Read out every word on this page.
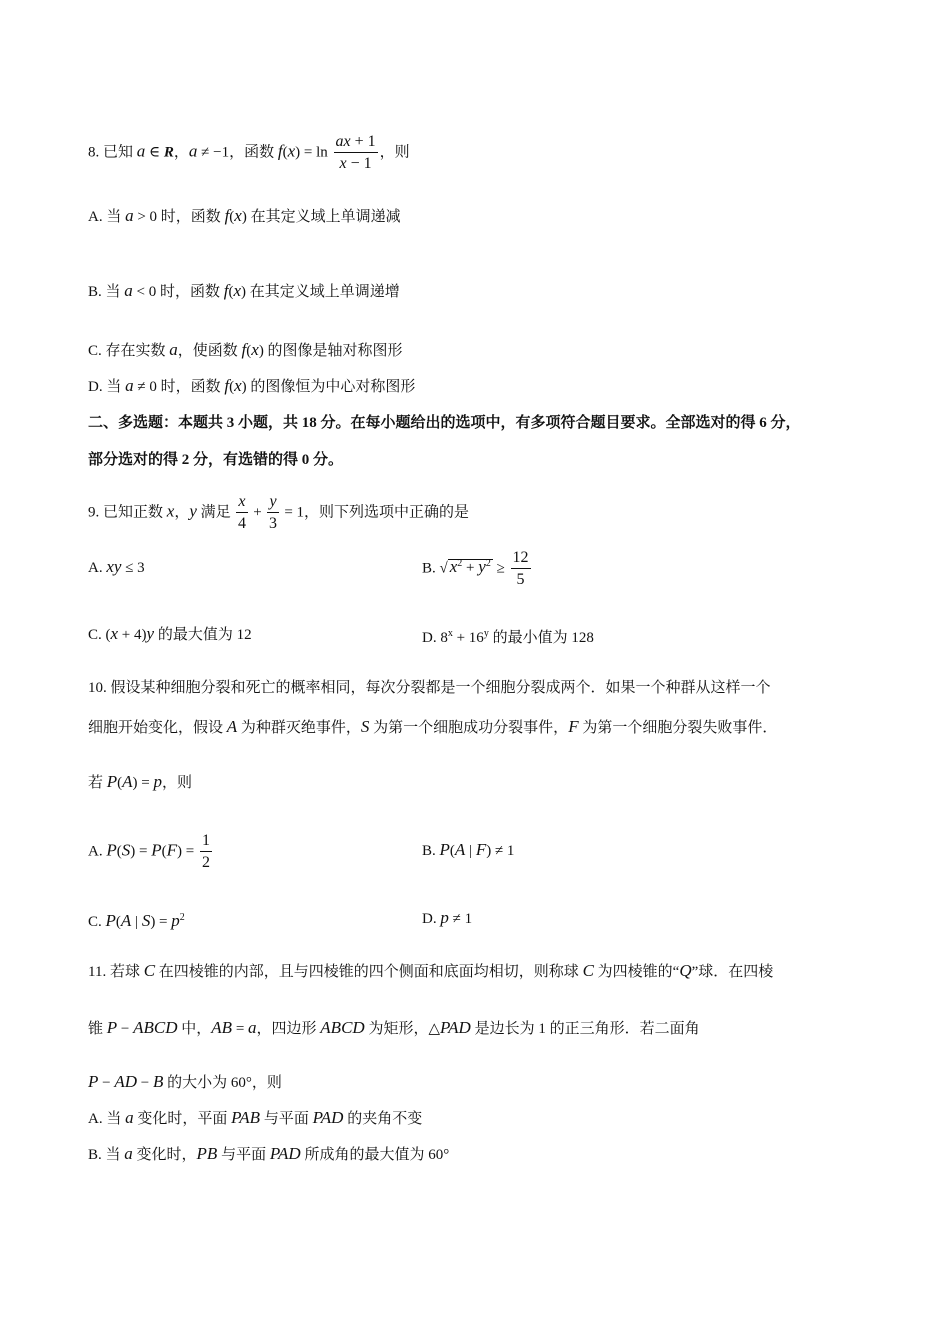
8. 已知 a ∈ R，a ≠ −1，函数 $f(x) = \ln \frac{ax + 1}{x - 1}$ ，则
A. 当 a > 0 时，函数 f(x) 在其定义域上单调递减
B. 当 a < 0 时，函数 f(x) 在其定义域上单调递增
C. 存在实数 a，使函数 f(x) 的图像是轴对称图形
D. 当 a ≠ 0 时，函数 f(x) 的图像恒为中心对称图形
二、多选题：本题共 3 小题，共 18 分。在每小题给出的选项中，有多项符合题目要求。全部选对的得 6 分，
部分选对的得 2 分，有选错的得 0 分。
9. 已知正数 x，y 满足 $\frac{x}{4} + \frac{y}{3} = 1$，则下列选项中正确的是
A. xy ≤ 3	B. √ $x^2 + y^2 \ge \frac{12}{5}$
C. (x + 4)y 的最大值为 12	D. $8^x + 16^y$ 的最小值为 128
10. 假设某种细胞分裂和死亡的概率相同，每次分裂都是一个细胞分裂成两个．如果一个种群从这样一个
细胞开始变化，假设 A 为种群灭绝事件，S 为第一个细胞成功分裂事件，F 为第一个细胞分裂失败事件．
若 P(A) = p，则
A. $P(S) = P(F) = \frac{1}{2}$	B. P(A | F) ≠ 1
C. P(A | $S) = p^2$	D. p ≠ 1
11. 若球 C 在四棱锥的内部，且与四棱锥的四个侧面和底面均相切，则称球 C 为四棱锥的“Q”球．在四棱
锥 P − ABCD 中，AB = a，四边形 ABCD 为矩形，△PAD 是边长为 1 的正三角形．若二面角
P − AD − B 的大小为 60°，则
A. 当 a 变化时，平面 PAB 与平面 PAD 的夹角不变
B. 当 a 变化时，PB 与平面 PAD 所成角的最大值为 60°
